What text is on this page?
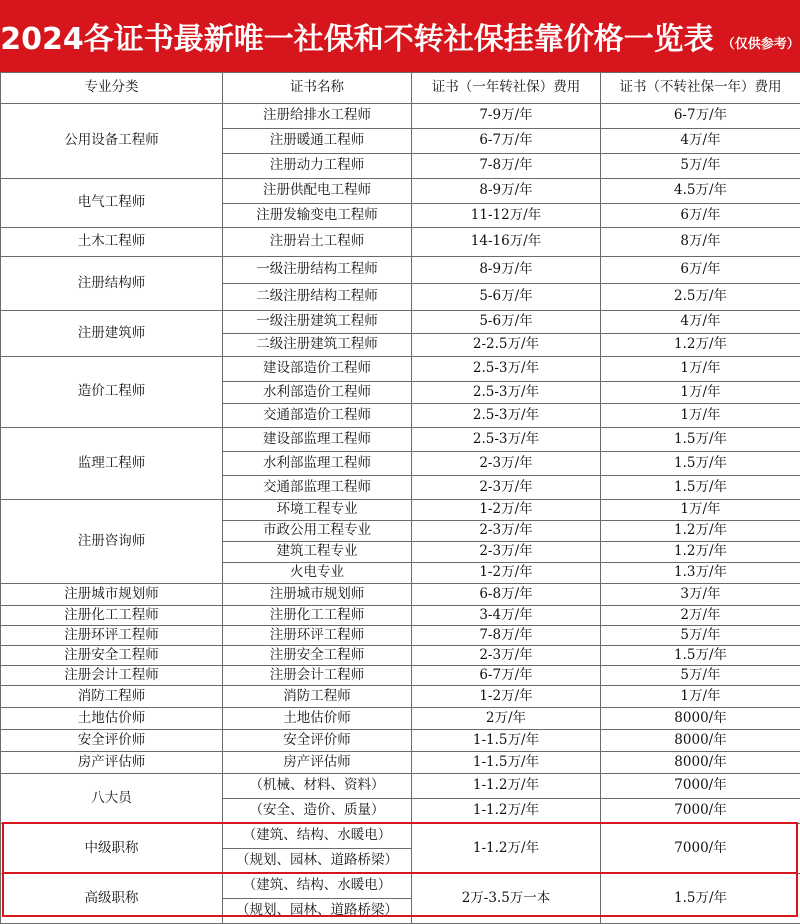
2024各证书最新唯一社保和不转社保挂靠价格一览表 （仅供参考）
专业分类	证书名称	证书（一年转社保）费用	证书（不转社保一年）费用
公用设备工程师	注册给排水工程师	7-9万/年	6-7万/年
	注册暖通工程师	6-7万/年	4万/年
	注册动力工程师	7-8万/年	5万/年
电气工程师	注册供配电工程师	8-9万/年	4.5万/年
	注册发输变电工程师	11-12万/年	6万/年
土木工程师	注册岩土工程师	14-16万/年	8万/年
注册结构师	一级注册结构工程师	8-9万/年	6万/年
	二级注册结构工程师	5-6万/年	2.5万/年
注册建筑师	一级注册建筑工程师	5-6万/年	4万/年
	二级注册建筑工程师	2-2.5万/年	1.2万/年
造价工程师	建设部造价工程师	2.5-3万/年	1万/年
	水利部造价工程师	2.5-3万/年	1万/年
	交通部造价工程师	2.5-3万/年	1万/年
监理工程师	建设部监理工程师	2.5-3万/年	1.5万/年
	水利部监理工程师	2-3万/年	1.5万/年
	交通部监理工程师	2-3万/年	1.5万/年
注册咨询师	环境工程专业	1-2万/年	1万/年
	市政公用工程专业	2-3万/年	1.2万/年
	建筑工程专业	2-3万/年	1.2万/年
	火电专业	1-2万/年	1.3万/年
注册城市规划师	注册城市规划师	6-8万/年	3万/年
注册化工工程师	注册化工工程师	3-4万/年	2万/年
注册环评工程师	注册环评工程师	7-8万/年	5万/年
注册安全工程师	注册安全工程师	2-3万/年	1.5万/年
注册会计工程师	注册会计工程师	6-7万/年	5万/年
消防工程师	消防工程师	1-2万/年	1万/年
土地估价师	土地估价师	2万/年	8000/年
安全评价师	安全评价师	1-1.5万/年	8000/年
房产评估师	房产评估师	1-1.5万/年	8000/年
八大员	（机械、材料、资料）	1-1.2万/年	7000/年
	（安全、造价、质量）	1-1.2万/年	7000/年
中级职称	（建筑、结构、水暖电）	1-1.2万/年	7000/年
	（规划、园林、道路桥梁）		
高级职称	（建筑、结构、水暖电）	2万-3.5万一本	1.5万/年
	（规划、园林、道路桥梁）		
